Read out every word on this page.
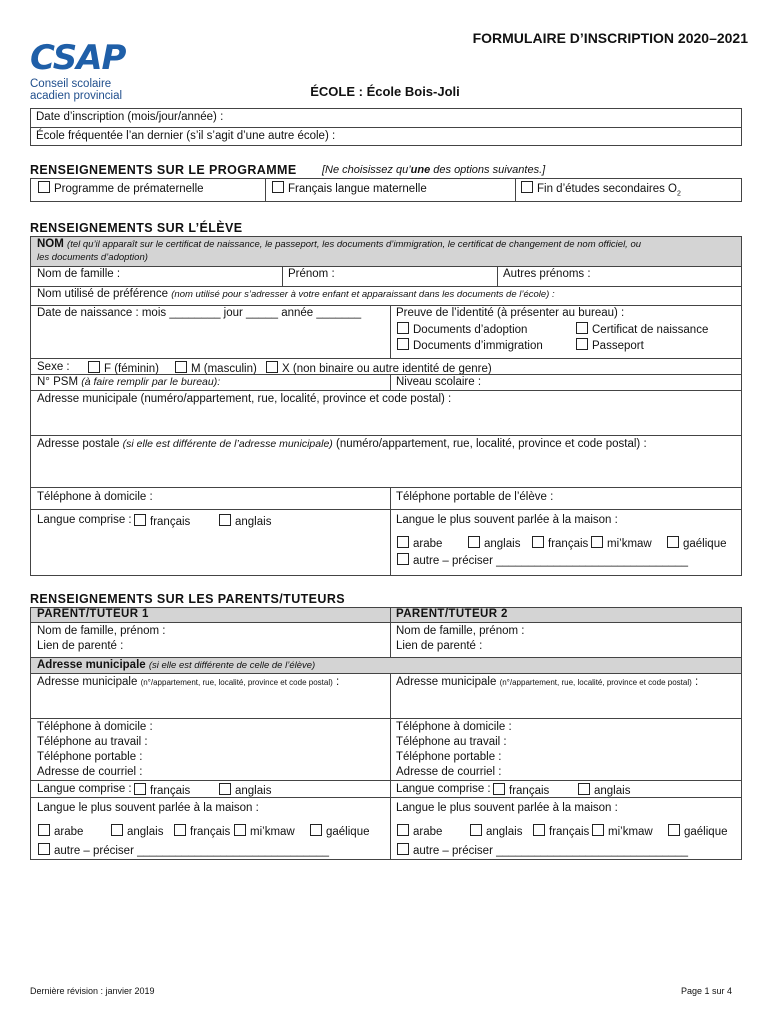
CSAP
Conseil scolaire
acadien provincial
FORMULAIRE D’INSCRIPTION 2020–2021
ÉCOLE : École Bois-Joli
Date d’inscription (mois/jour/année) :
École fréquentée l’an dernier (s’il s’agit d’une autre école) :
RENSEIGNEMENTS SUR LE PROGRAMME [Ne choisissez qu’une des options suivantes.]
Programme de prématernelle	Français langue maternelle	Fin d’études secondaires $O_2$
RENSEIGNEMENTS SUR L’ÉLÈVE
NOM (tel qu’il apparaît sur le certificat de naissance, le passeport, les documents d’immigration, le certificat de changement de nom officiel, ou
les documents d’adoption)
Nom de famille :	Prénom :	Autres prénoms :
Nom utilisé de préférence (nom utilisé pour s’adresser à votre enfant et apparaissant dans les documents de l’école) :
Date de naissance : mois ________ jour _____ année _______	Preuve de l’identité (à présenter au bureau) :
Documents d’adoption	Certificat de naissance
Documents d’immigration	Passeport
Sexe :	F (féminin)	M (masculin)	X (non binaire ou autre identité de genre)
N° PSM (à faire remplir par le bureau):	Niveau scolaire :
Adresse municipale (numéro/appartement, rue, localité, province et code postal) :
Adresse postale (si elle est différente de l’adresse municipale) (numéro/appartement, rue, localité, province et code postal) :
Téléphone à domicile :	Téléphone portable de l’élève :
Langue comprise :	français	anglais	Langue le plus souvent parlée à la maison :
arabe	anglais	français	mi’kmaw	gaélique
autre – préciser ______________________________
RENSEIGNEMENTS SUR LES PARENTS/TUTEURS
PARENT/TUTEUR 1	PARENT/TUTEUR 2
Nom de famille, prénom :	Nom de famille, prénom :
Lien de parenté :	Lien de parenté :
Adresse municipale (si elle est différente de celle de l’élève)
Adresse municipale (n°/appartement, rue, localité, province et code postal) :	Adresse municipale (n°/appartement, rue, localité, province et code postal) :
Téléphone à domicile :	Téléphone à domicile :
Téléphone au travail :	Téléphone au travail :
Téléphone portable :	Téléphone portable :
Adresse de courriel :	Adresse de courriel :
Langue comprise :	français	anglais	Langue comprise :	français	anglais
Langue le plus souvent parlée à la maison :	Langue le plus souvent parlée à la maison :
arabe	anglais	français	mi’kmaw	gaélique
autre – préciser ______________________________
arabe	anglais	français	mi’kmaw	gaélique
autre – préciser ______________________________
Dernière révision : janvier 2019	Page 1 sur 4
